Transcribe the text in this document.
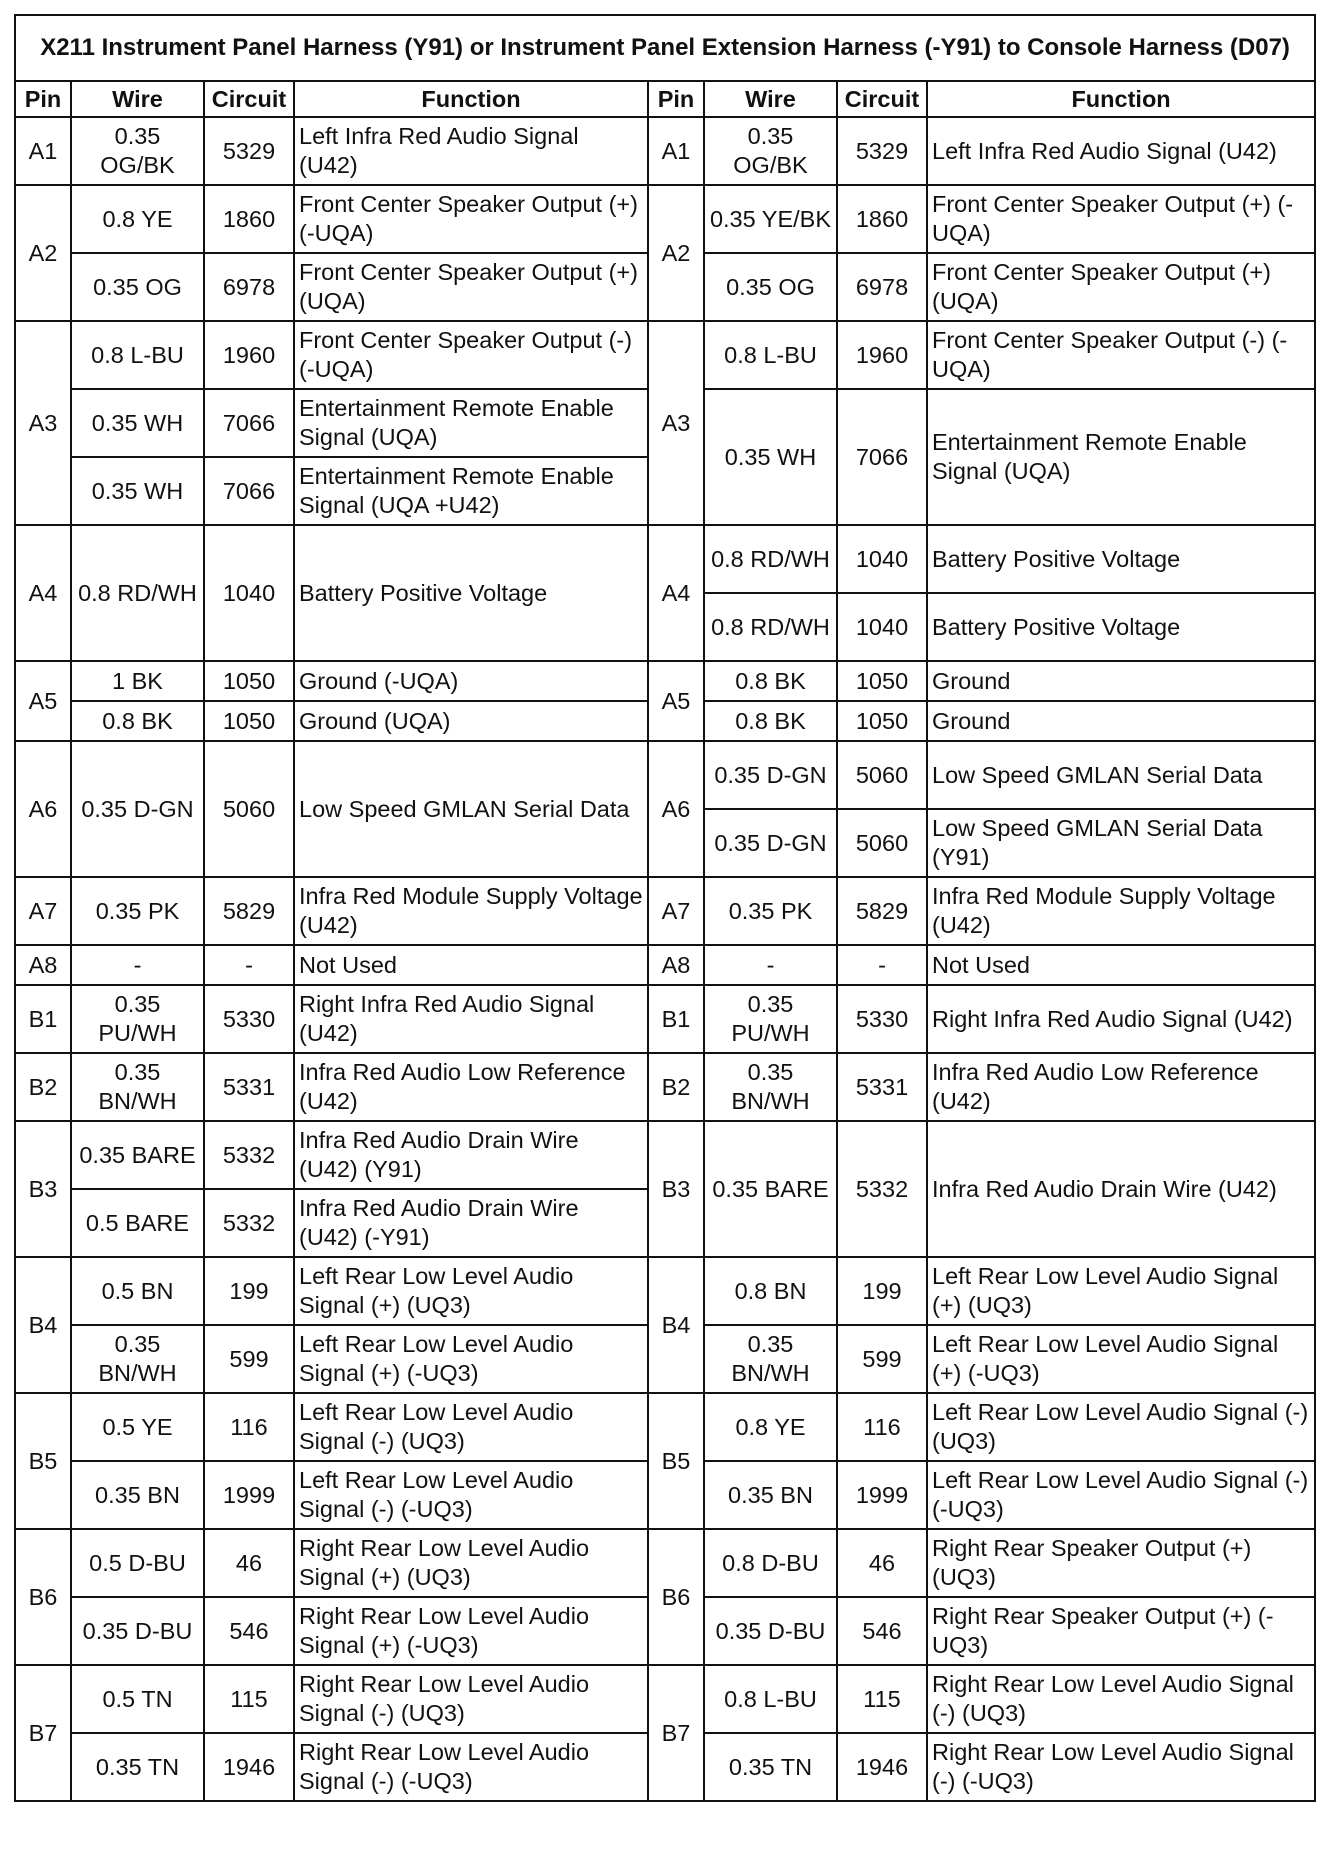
X211 Instrument Panel Harness (Y91) or Instrument Panel Extension Harness (-Y91) to Console Harness (D07)							
Pin	Wire	Circuit	Function	Pin	Wire	Circuit	Function
A1	0.35 OG/BK	5329	Left Infra Red Audio Signal (U42)	A1	0.35 OG/BK	5329	Left Infra Red Audio Signal (U42)
A2	0.8 YE	1860	Front Center Speaker Output (+) (-UQA)	A2	0.35 YE/BK	1860	Front Center Speaker Output (+) (-UQA)
	0.35 OG	6978	Front Center Speaker Output (+) (UQA)		0.35 OG	6978	Front Center Speaker Output (+) (UQA)
A3	0.8 L-BU	1960	Front Center Speaker Output (-) (-UQA)	A3	0.8 L-BU	1960	Front Center Speaker Output (-) (-UQA)
	0.35 WH	7066	Entertainment Remote Enable Signal (UQA)		0.35 WH	7066	Entertainment Remote Enable Signal (UQA)
	0.35 WH	7066	Entertainment Remote Enable Signal (UQA +U42)				
A4	0.8 RD/WH	1040	Battery Positive Voltage	A4	0.8 RD/WH	1040	Battery Positive Voltage
					0.8 RD/WH	1040	Battery Positive Voltage
A5	1 BK	1050	Ground (-UQA)	A5	0.8 BK	1050	Ground
	0.8 BK	1050	Ground (UQA)		0.8 BK	1050	Ground
A6	0.35 D-GN	5060	Low Speed GMLAN Serial Data	A6	0.35 D-GN	5060	Low Speed GMLAN Serial Data
					0.35 D-GN	5060	Low Speed GMLAN Serial Data (Y91)
A7	0.35 PK	5829	Infra Red Module Supply Voltage (U42)	A7	0.35 PK	5829	Infra Red Module Supply Voltage (U42)
A8	-	-	Not Used	A8	-	-	Not Used
B1	0.35 PU/WH	5330	Right Infra Red Audio Signal (U42)	B1	0.35 PU/WH	5330	Right Infra Red Audio Signal (U42)
B2	0.35 BN/WH	5331	Infra Red Audio Low Reference (U42)	B2	0.35 BN/WH	5331	Infra Red Audio Low Reference (U42)
B3	0.35 BARE	5332	Infra Red Audio Drain Wire (U42) (Y91)	B3	0.35 BARE	5332	Infra Red Audio Drain Wire (U42)
	0.5 BARE	5332	Infra Red Audio Drain Wire (U42) (-Y91)				
B4	0.5 BN	199	Left Rear Low Level Audio Signal (+) (UQ3)	B4	0.8 BN	199	Left Rear Low Level Audio Signal (+) (UQ3)
	0.35 BN/WH	599	Left Rear Low Level Audio Signal (+) (-UQ3)		0.35 BN/WH	599	Left Rear Low Level Audio Signal (+) (-UQ3)
B5	0.5 YE	116	Left Rear Low Level Audio Signal (-) (UQ3)	B5	0.8 YE	116	Left Rear Low Level Audio Signal (-) (UQ3)
	0.35 BN	1999	Left Rear Low Level Audio Signal (-) (-UQ3)		0.35 BN	1999	Left Rear Low Level Audio Signal (-) (-UQ3)
B6	0.5 D-BU	46	Right Rear Low Level Audio Signal (+) (UQ3)	B6	0.8 D-BU	46	Right Rear Speaker Output (+) (UQ3)
	0.35 D-BU	546	Right Rear Low Level Audio Signal (+) (-UQ3)		0.35 D-BU	546	Right Rear Speaker Output (+) (-UQ3)
B7	0.5 TN	115	Right Rear Low Level Audio Signal (-) (UQ3)	B7	0.8 L-BU	115	Right Rear Low Level Audio Signal (-) (UQ3)
	0.35 TN	1946	Right Rear Low Level Audio Signal (-) (-UQ3)		0.35 TN	1946	Right Rear Low Level Audio Signal (-) (-UQ3)
